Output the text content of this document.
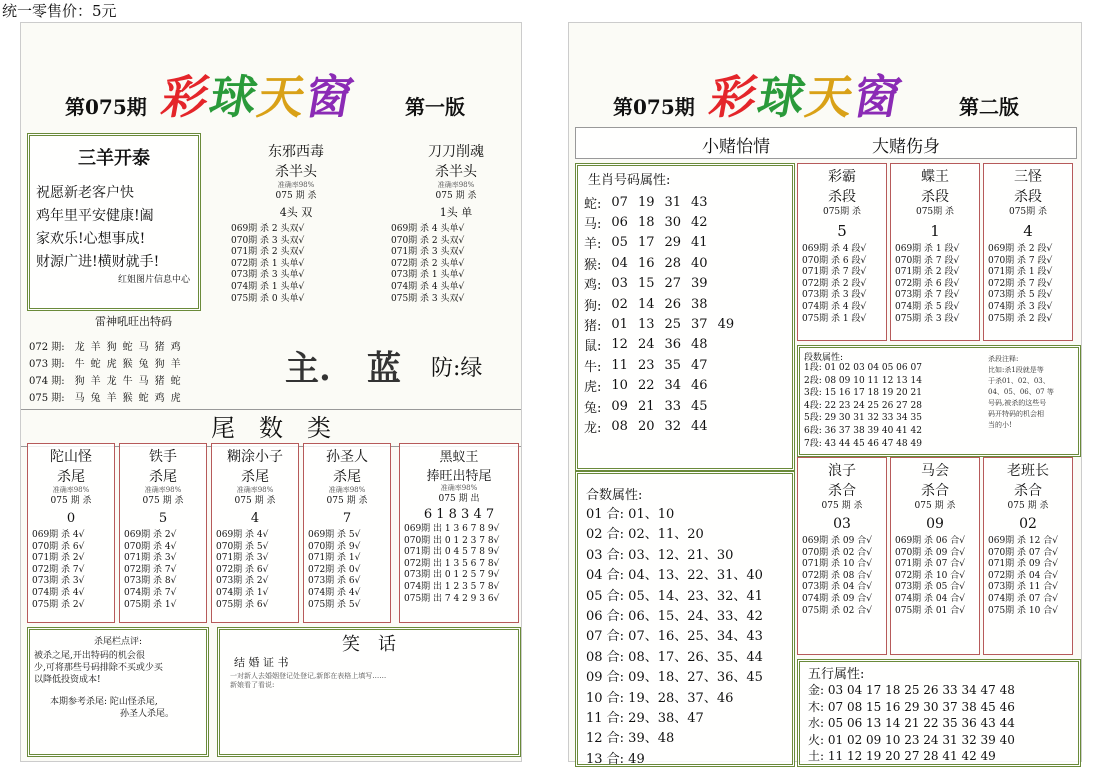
统一零售价：5元
第075期 彩球天窗 第一版
三羊开泰
祝愿新老客户快
鸡年里平安健康!阖
家欢乐!心想事成!
财源广进!横财就手!
红姐图片信息中心
东邪西毒
杀半头
准确率98%
075 期 杀
4头 双
069期 杀 2 头双√
070期 杀 3 头双√
071期 杀 2 头双√
072期 杀 1 头单√
073期 杀 3 头单√
074期 杀 1 头单√
075期 杀 0 头单√
刀刀削魂
杀半头
准确率98%
075 期 杀
1头 单
069期 杀 4 头单√
070期 杀 2 头双√
071期 杀 3 头双√
072期 杀 2 头单√
073期 杀 1 头单√
074期 杀 4 头单√
075期 杀 3 头双√
雷神吼旺出特码
072 期:	龙	羊	狗	蛇	马	猪	鸡
073 期:	牛	蛇	虎	猴	兔	狗	羊
074 期:	狗	羊	龙	牛	马	猪	蛇
075 期:	马	兔	羊	猴	蛇	鸡	虎
主. 蓝 防:绿
尾　数　类
陀山怪
杀尾
准确率98%
075 期 杀
0
069期 杀 4√
070期 杀 6√
071期 杀 2√
072期 杀 7√
073期 杀 3√
074期 杀 4√
075期 杀 2√
铁手
杀尾
准确率98%
075 期 杀
5
069期 杀 2√
070期 杀 4√
071期 杀 3√
072期 杀 7√
073期 杀 8√
074期 杀 7√
075期 杀 1√
糊涂小子
杀尾
准确率98%
075 期 杀
4
069期 杀 4√
070期 杀 5√
071期 杀 3√
072期 杀 6√
073期 杀 2√
074期 杀 1√
075期 杀 6√
孙圣人
杀尾
准确率98%
075 期 杀
7
069期 杀 5√
070期 杀 9√
071期 杀 1√
072期 杀 0√
073期 杀 6√
074期 杀 4√
075期 杀 5√
黑蚁王
捧旺出特尾
准确率98%
075 期 出
6 1 8 3 4 7
069期 出 1 3 6 7 8 9√
070期 出 0 1 2 3 7 8√
071期 出 0 4 5 7 8 9√
072期 出 1 3 5 6 7 8√
073期 出 0 1 2 5 7 9√
074期 出 1 2 3 5 7 8√
075期 出 7 4 2 9 3 6√
杀尾栏点评:
被杀之尾,开出特码的机会很
少,可将那些号码排除不买或少买
以降低投资成本!
本期参考杀尾: 陀山怪杀尾,
孙圣人杀尾。
笑　话
结 婚 证 书
一对新人去婚姻登记处登记,新郎在表格上填写……
新娘看了看说:
第075期 彩球天窗	第二版
小赌怡情	大赌伤身
生肖号码属性:
蛇:	07	19	31	43	
马:	06	18	30	42	
羊:	05	17	29	41	
猴:	04	16	28	40	
鸡:	03	15	27	39	
狗:	02	14	26	38	
猪:	01	13	25	37	49
鼠:	12	24	36	48	
牛:	11	23	35	47	
虎:	10	22	34	46	
兔:	09	21	33	45	
龙:	08	20	32	44	
彩霸
杀段
075期 杀
5
069期 杀 4 段√
070期 杀 6 段√
071期 杀 7 段√
072期 杀 2 段√
073期 杀 3 段√
074期 杀 4 段√
075期 杀 1 段√
蝶王
杀段
075期 杀
1
069期 杀 1 段√
070期 杀 7 段√
071期 杀 2 段√
072期 杀 6 段√
073期 杀 7 段√
074期 杀 5 段√
075期 杀 3 段√
三怪
杀段
075期 杀
4
069期 杀 2 段√
070期 杀 7 段√
071期 杀 1 段√
072期 杀 7 段√
073期 杀 5 段√
074期 杀 3 段√
075期 杀 2 段√
段数属性:
1段: 01 02 03 04 05 06 07
2段: 08 09 10 11 12 13 14
3段: 15 16 17 18 19 20 21
4段: 22 23 24 25 26 27 28
5段: 29 30 31 32 33 34 35
6段: 36 37 38 39 40 41 42
7段: 43 44 45 46 47 48 49
杀段注释:
比如:杀1段就是等
于杀01、02、03、
04、05、06、07 等
号码,被杀的这些号
码开特码的机会相
当的小!
合数属性:
01 合: 01、10
02 合: 02、11、20
03 合: 03、12、21、30
04 合: 04、13、22、31、40
05 合: 05、14、23、32、41
06 合: 06、15、24、33、42
07 合: 07、16、25、34、43
08 合: 08、17、26、35、44
09 合: 09、18、27、36、45
10 合: 19、28、37、46
11 合: 29、38、47
12 合: 39、48
13 合: 49
浪子
杀合
075 期 杀
03
069期 杀 09 合√
070期 杀 02 合√
071期 杀 10 合√
072期 杀 08 合√
073期 杀 04 合√
074期 杀 09 合√
075期 杀 02 合√
马会
杀合
075 期 杀
09
069期 杀 06 合√
070期 杀 09 合√
071期 杀 07 合√
072期 杀 10 合√
073期 杀 05 合√
074期 杀 04 合√
075期 杀 01 合√
老班长
杀合
075 期 杀
02
069期 杀 12 合√
070期 杀 07 合√
071期 杀 09 合√
072期 杀 04 合√
073期 杀 11 合√
074期 杀 07 合√
075期 杀 10 合√
五行属性:
金: 03 04 17 18 25 26 33 34 47 48
木: 07 08 15 16 29 30 37 38 45 46
水: 05 06 13 14 21 22 35 36 43 44
火: 01 02 09 10 23 24 31 32 39 40
土: 11 12 19 20 27 28 41 42 49
